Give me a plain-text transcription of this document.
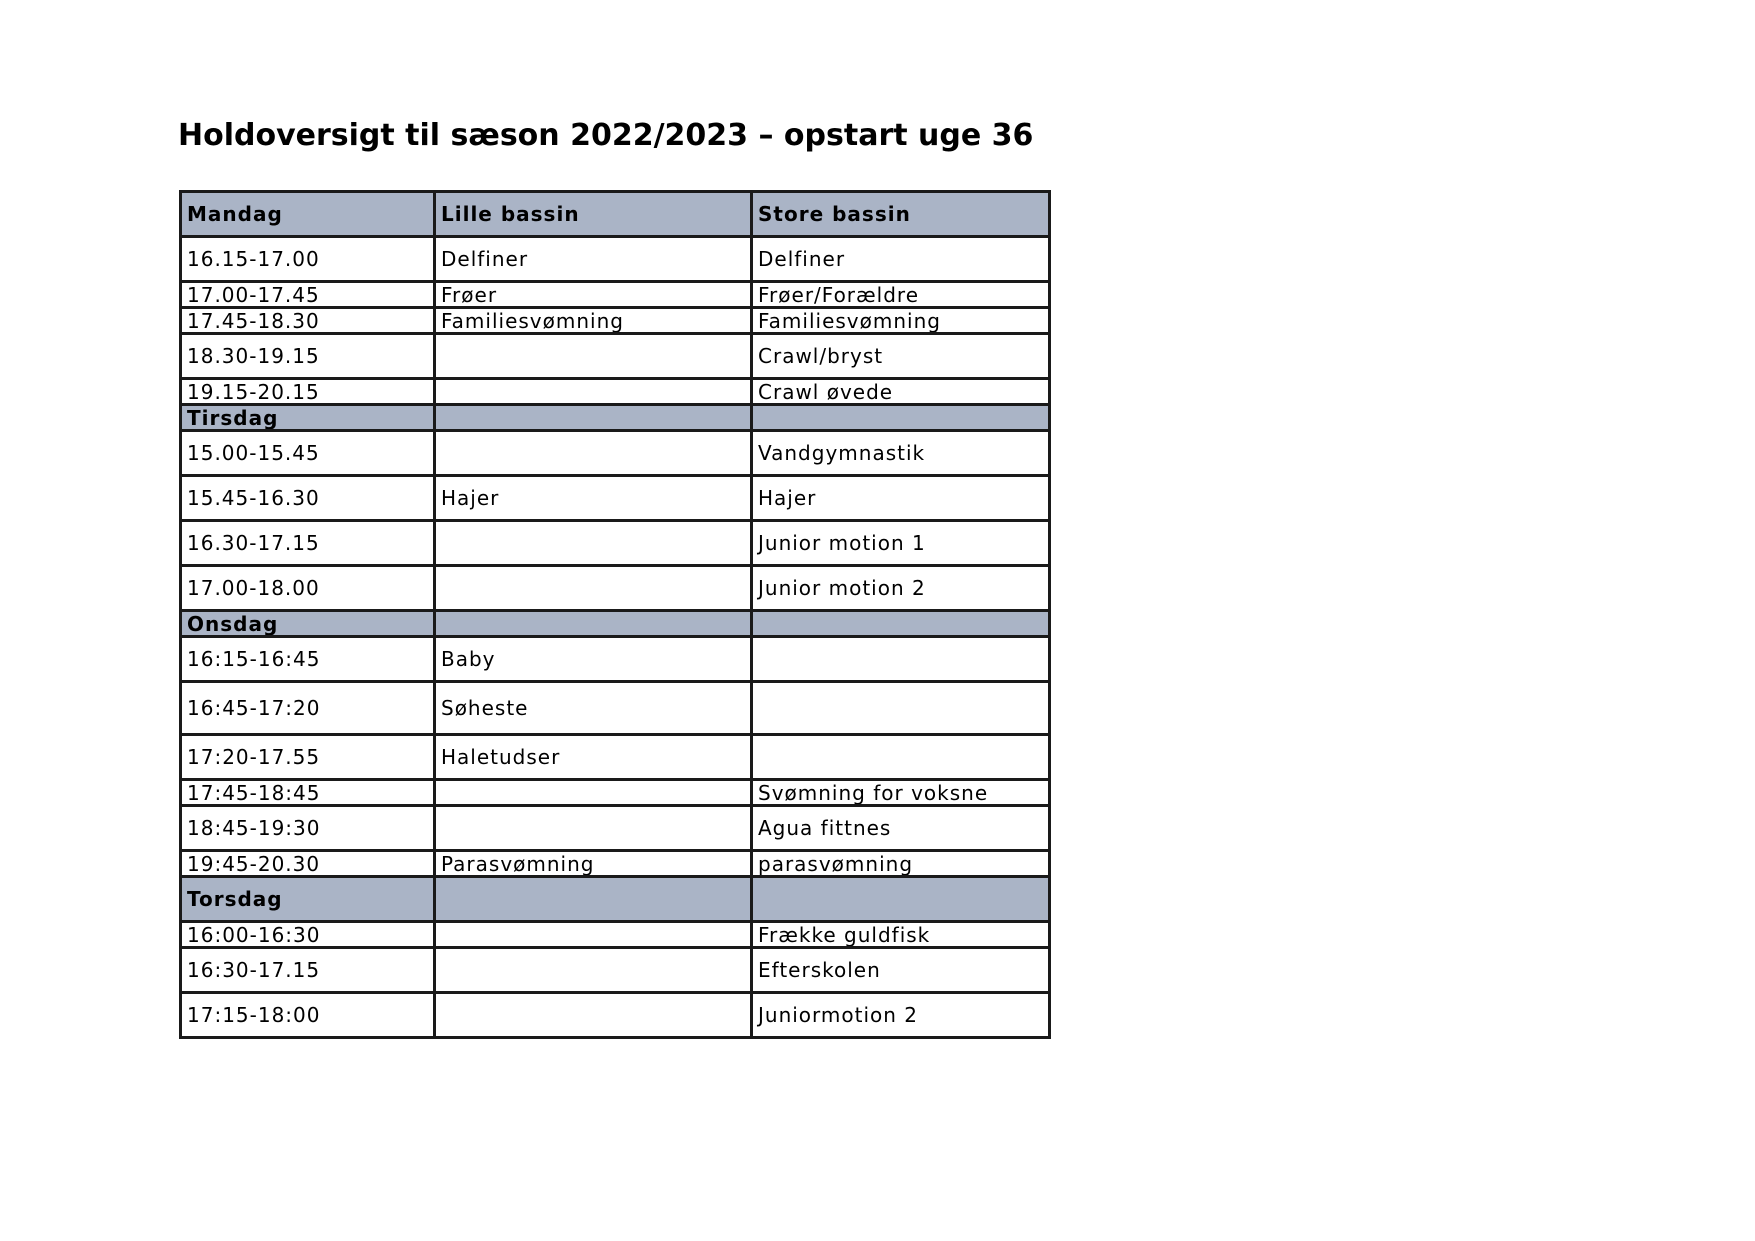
Holdoversigt til sæson 2022/2023 – opstart uge 36
Mandag	Lille bassin	Store bassin
16.15-17.00	Delfiner	Delfiner
17.00-17.45	Frøer	Frøer/Forældre
17.45-18.30	Familiesvømning	Familiesvømning
18.30-19.15		Crawl/bryst
19.15-20.15		Crawl øvede
Tirsdag		
15.00-15.45		Vandgymnastik
15.45-16.30	Hajer	Hajer
16.30-17.15		Junior motion 1
17.00-18.00		Junior motion 2
Onsdag		
16:15-16:45	Baby	
16:45-17:20	Søheste	
17:20-17.55	Haletudser	
17:45-18:45		Svømning for voksne
18:45-19:30		Agua fittnes
19:45-20.30	Parasvømning	parasvømning
Torsdag		
16:00-16:30		Frække guldfisk
16:30-17.15		Efterskolen
17:15-18:00		Juniormotion 2
